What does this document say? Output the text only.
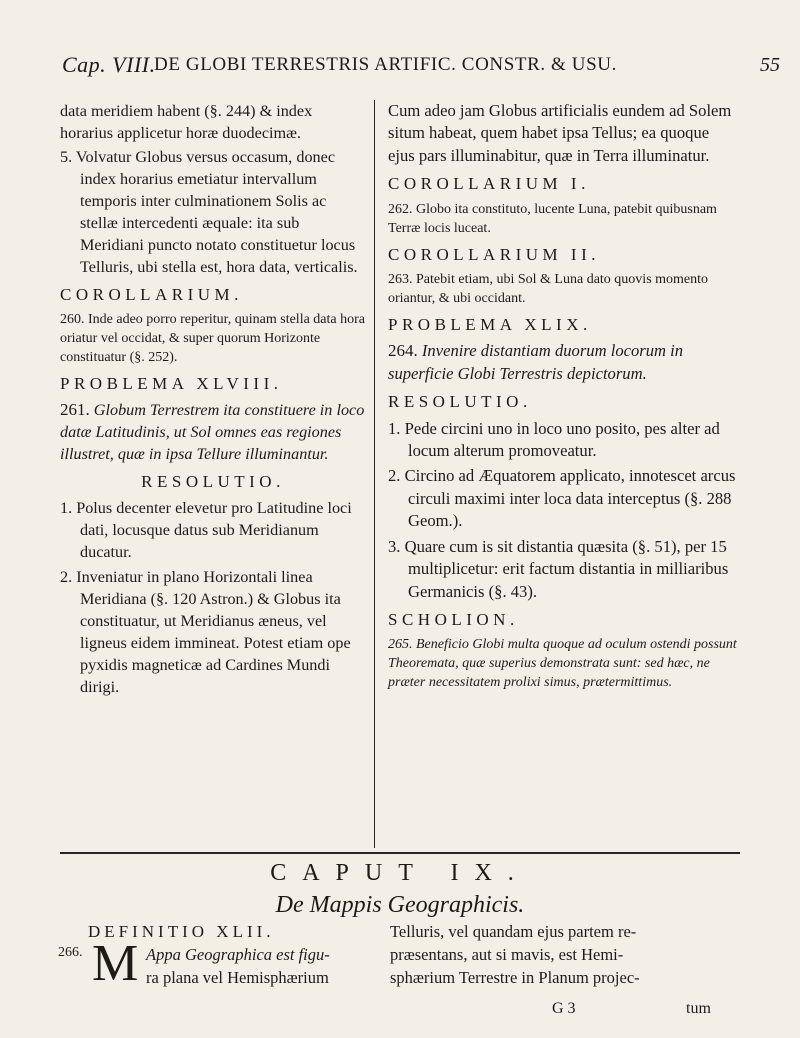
Cap. VIII.
DE GLOBI TERRESTRIS ARTIFIC. CONSTR. & USU.	55

data meridiem habent (§. 244) & index horarius applicetur horæ duodecimæ.

5. Volvatur Globus versus occasum, donec index horarius emetiatur intervallum temporis inter culminationem Solis ac stellæ intercedenti æquale: ita sub Meridiani puncto notato constituetur locus Telluris, ubi stella est, hora data, verticalis.

COROLLARIUM.

260. Inde adeo porro reperitur, quinam stella data hora oriatur vel occidat, & super quorum Horizonte constituatur (§. 252).

PROBLEMA XLVIII.

261. Globum Terrestrem ita constituere in loco datæ Latitudinis, ut Sol omnes eas regiones illustret, quæ in ipsa Tellure illuminantur.

RESOLUTIO.

1. Polus decenter elevetur pro Latitudine loci dati, locusque datus sub Meridianum ducatur.

2. Inveniatur in plano Horizontali linea Meridiana (§. 120 Astron.) & Globus ita constituatur, ut Meridianus æneus, vel ligneus eidem immineat. Potest etiam ope pyxidis magneticæ ad Cardines Mundi dirigi.

Cum adeo jam Globus artificialis eundem ad Solem situm habeat, quem habet ipsa Tellus; ea quoque ejus pars illuminabitur, quæ in Terra illuminatur.

COROLLARIUM I.

262. Globo ita constituto, lucente Luna, patebit quibusnam Terræ locis luceat.

COROLLARIUM II.

263. Patebit etiam, ubi Sol & Luna dato quovis momento oriantur, & ubi occidant.

PROBLEMA XLIX.

264. Invenire distantiam duorum locorum in superficie Globi Terrestris depictorum.

RESOLUTIO.

1. Pede circini uno in loco uno posito, pes alter ad locum alterum promoveatur.

2. Circino ad Æquatorem applicato, innotescet arcus circuli maximi inter loca data interceptus (§. 288 Geom.).

3. Quare cum is sit distantia quæsita (§. 51), per 15 multiplicetur: erit factum distantia in milliaribus Germanicis (§. 43).

SCHOLION.

265. Beneficio Globi multa quoque ad oculum ostendi possunt Theoremata, quæ superius demonstrata sunt: sed hæc, ne præter necessitatem prolixi simus, prætermittimus.

CAPUT IX.
De Mappis Geographicis.
DEFINITIO XLII.
266. M Appa Geographica est figu-
ra plana vel Hemisphærium
Telluris, vel quandam ejus partem re-
præsentans, aut si mavis, est Hemi-
sphærium Terrestre in Planum projec-
G 3	tum
